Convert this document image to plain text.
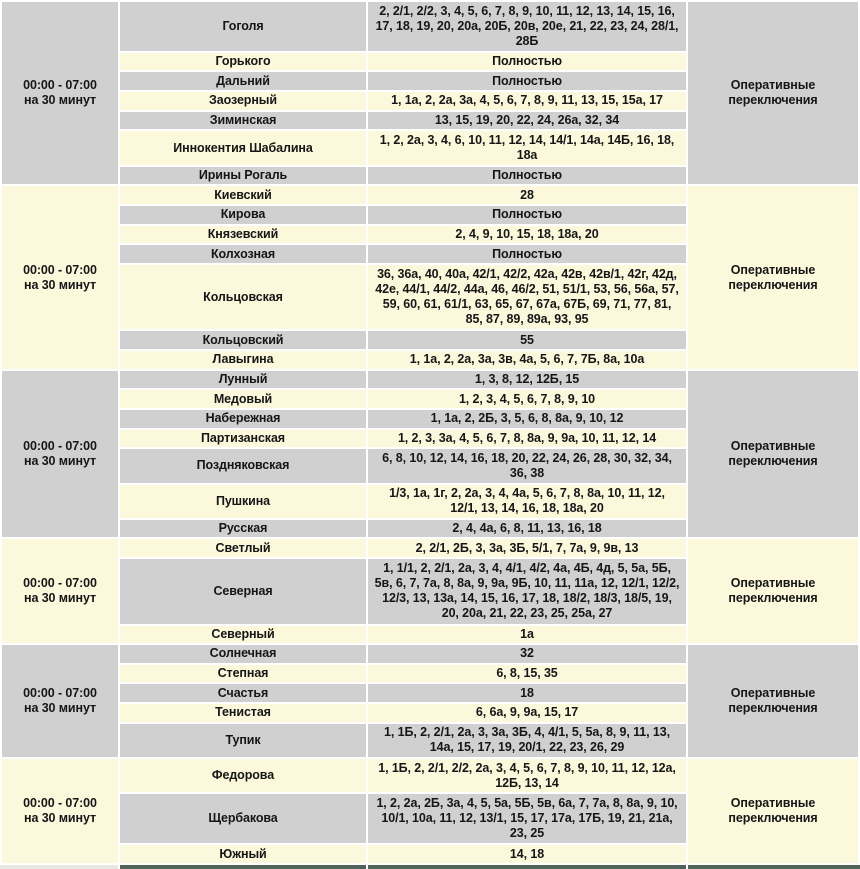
00:00 - 07:00
на 30 минут
	Гоголя	2, 2/1, 2/2, 3, 4, 5, 6, 7, 8, 9, 10, 11, 12, 13, 14, 15, 16, 17, 18, 19, 20, 20а, 20Б, 20в, 20е, 21, 22, 23, 24, 28/1, 28Б	
Оперативные
переключения

	Горького	Полностью	
	Дальний	Полностью	
	Заозерный	1, 1а, 2, 2а, 3а, 4, 5, 6, 7, 8, 9, 11, 13, 15, 15а, 17	
	Зиминская	13, 15, 19, 20, 22, 24, 26а, 32, 34	
	Иннокентия Шабалина	1, 2, 2а, 3, 4, 6, 10, 11, 12, 14, 14/1, 14а, 14Б, 16, 18, 18а	
	Ирины Рогаль	Полностью	

00:00 - 07:00
на 30 минут
	Киевский	28	
Оперативные
переключения

	Кирова	Полностью	
	Князевский	2, 4, 9, 10, 15, 18, 18а, 20	
	Колхозная	Полностью	
	Кольцовская	36, 36а, 40, 40а, 42/1, 42/2, 42а, 42в, 42в/1, 42г, 42д, 42е, 44/1, 44/2, 44а, 46, 46/2, 51, 51/1, 53, 56, 56а, 57, 59, 60, 61, 61/1, 63, 65, 67, 67а, 67Б, 69, 71, 77, 81, 85, 87, 89, 89а, 93, 95	
	Кольцовский	55	
	Лавыгина	1, 1а, 2, 2а, 3а, 3в, 4а, 5, 6, 7, 7Б, 8а, 10а	

00:00 - 07:00
на 30 минут
	Лунный	1, 3, 8, 12, 12Б, 15	
Оперативные
переключения

	Медовый	1, 2, 3, 4, 5, 6, 7, 8, 9, 10	
	Набережная	1, 1а, 2, 2Б, 3, 5, 6, 8, 8а, 9, 10, 12	
	Партизанская	1, 2, 3, 3а, 4, 5, 6, 7, 8, 8а, 9, 9а, 10, 11, 12, 14	
	Поздняковская	6, 8, 10, 12, 14, 16, 18, 20, 22, 24, 26, 28, 30, 32, 34, 36, 38	
	Пушкина	1/3, 1а, 1г, 2, 2а, 3, 4, 4а, 5, 6, 7, 8, 8а, 10, 11, 12, 12/1, 13, 14, 16, 18, 18а, 20	
	Русская	2, 4, 4а, 6, 8, 11, 13, 16, 18	

00:00 - 07:00
на 30 минут
	Светлый	2, 2/1, 2Б, 3, 3а, 3Б, 5/1, 7, 7а, 9, 9в, 13	
Оперативные
переключения

	Северная	1, 1/1, 2, 2/1, 2а, 3, 4, 4/1, 4/2, 4а, 4Б, 4д, 5, 5а, 5Б, 5в, 6, 7, 7а, 8, 8а, 9, 9а, 9Б, 10, 11, 11а, 12, 12/1, 12/2, 12/3, 13, 13а, 14, 15, 16, 17, 18, 18/2, 18/3, 18/5, 19, 20, 20а, 21, 22, 23, 25, 25а, 27	
	Северный	1а	

00:00 - 07:00
на 30 минут
	Солнечная	32	
Оперативные
переключения

	Степная	6, 8, 15, 35	
	Счастья	18	
	Тенистая	6, 6а, 9, 9а, 15, 17	
	Тупик	1, 1Б, 2, 2/1, 2а, 3, 3а, 3Б, 4, 4/1, 5, 5а, 8, 9, 11, 13, 14а, 15, 17, 19, 20/1, 22, 23, 26, 29	

00:00 - 07:00
на 30 минут
	Федорова	1, 1Б, 2, 2/1, 2/2, 2а, 3, 4, 5, 6, 7, 8, 9, 10, 11, 12, 12а, 12Б, 13, 14	
Оперативные
переключения

	Щербакова	1, 2, 2а, 2Б, 3а, 4, 5, 5а, 5Б, 5в, 6а, 7, 7а, 8, 8а, 9, 10, 10/1, 10а, 11, 12, 13/1, 15, 17, 17а, 17Б, 19, 21, 21а, 23, 25	
	Южный	14, 18	
